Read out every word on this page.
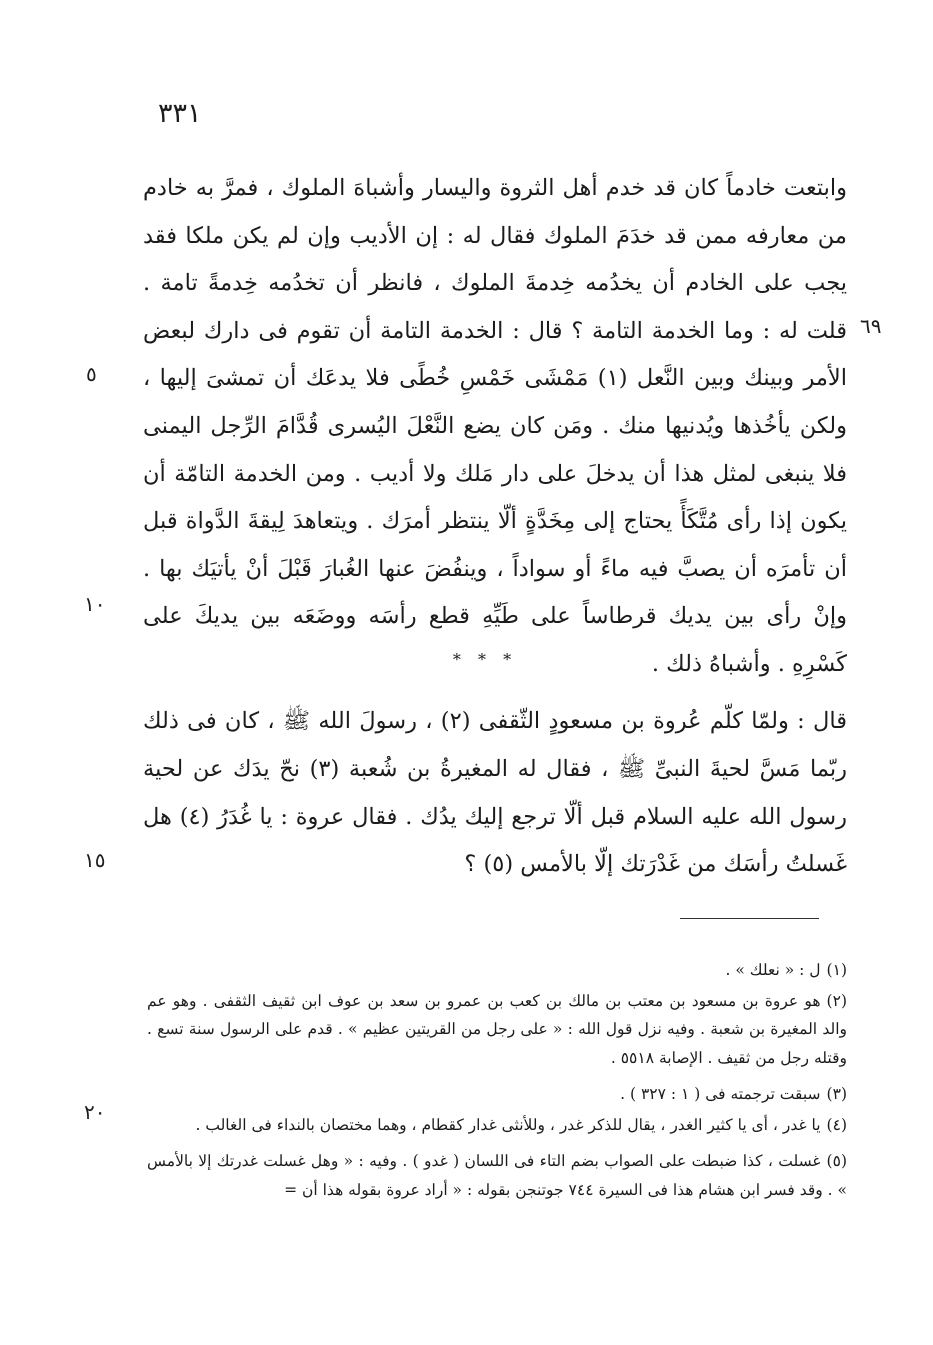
٣٣١
وابتعت خادماً كان قد خدم أهل الثروة واليسار وأشباهَ الملوك ، فمرَّ به خادم من معارفه ممن قد خدَمَ الملوك فقال له : إن الأديب وإن لم يكن ملكا فقد يجب على الخادم أن يخدُمه خِدمةَ الملوك ، فانظر أن تخدُمه خِدمةً تامة . قلت له : وما الخدمة التامة ؟ قال : الخدمة التامة أن تقوم فى دارك لبعض الأمر وبينك وبين النَّعل (١) مَمْشَى خَمْسِ خُطًى فلا يدعَك أن تمشىَ إليها ، ولكن يأخُذها ويُدنيها منك . ومَن كان يضع النَّعْلَ اليُسرى قُدَّامَ الرِّجل اليمنى فلا ينبغى لمثل هذا أن يدخلَ على دار مَلك ولا أديب . ومن الخدمة التامّة أن يكون إذا رأى مُتَّكَأً يحتاج إلى مِخَدَّةٍ ألّا ينتظر أمرَك . ويتعاهدَ لِيقةَ الدَّواة قبل أن تأمرَه أن يصبَّ فيه ماءً أو سواداً ، وينفُضَ عنها الغُبارَ قَبْلَ أنْ يأتيَك بها . وإنْ رأى بين يديك قرطاساً على طَيِّهِ قطع رأسَه ووضَعَه بين يديكَ على كَسْرِهِ . وأشباهُ ذلك .
* * *
قال : ولمّا كلّم عُروة بن مسعودٍ الثّقفى (٢) ، رسولَ الله ﷺ ، كان فى ذلك ربّما مَسَّ لحيةَ النبىِّ ﷺ ، فقال له المغيرةُ بن شُعبة (٣) نحّ يدَك عن لحية رسول الله عليه السلام قبل ألّا ترجع إليك يدُك . فقال عروة : يا غُدَرُ (٤) هل غَسلتُ رأسَك من غَدْرَتك إلّا بالأمس (٥) ؟
٦٩
٥
١٠
١٥
٢٠

(١)ل : « نعلك » .

(٢)هو عروة بن مسعود بن معتب بن مالك بن كعب بن عمرو بن سعد بن عوف ابن ثقيف الثقفى . وهو عم والد المغيرة بن شعبة . وفيه نزل قول الله : « على رجل من القريتين عظيم » . قدم على الرسول سنة تسع . وقتله رجل من ثقيف . الإصابة ٥٥١٨ .

(٣)سبقت ترجمته فى ( ١ : ٣٢٧ ) .

(٤)يا غدر ، أى يا كثير الغدر ، يقال للذكر غدر ، وللأنثى غدار كقطام ، وهما مختصان بالنداء فى الغالب .

(٥)غسلت ، كذا ضبطت على الصواب بضم التاء فى اللسان ( غدو ) . وفيه : « وهل غسلت غدرتك إلا بالأمس » . وقد فسر ابن هشام هذا فى السيرة ٧٤٤ جوتنجن بقوله : « أراد عروة بقوله هذا أن =
